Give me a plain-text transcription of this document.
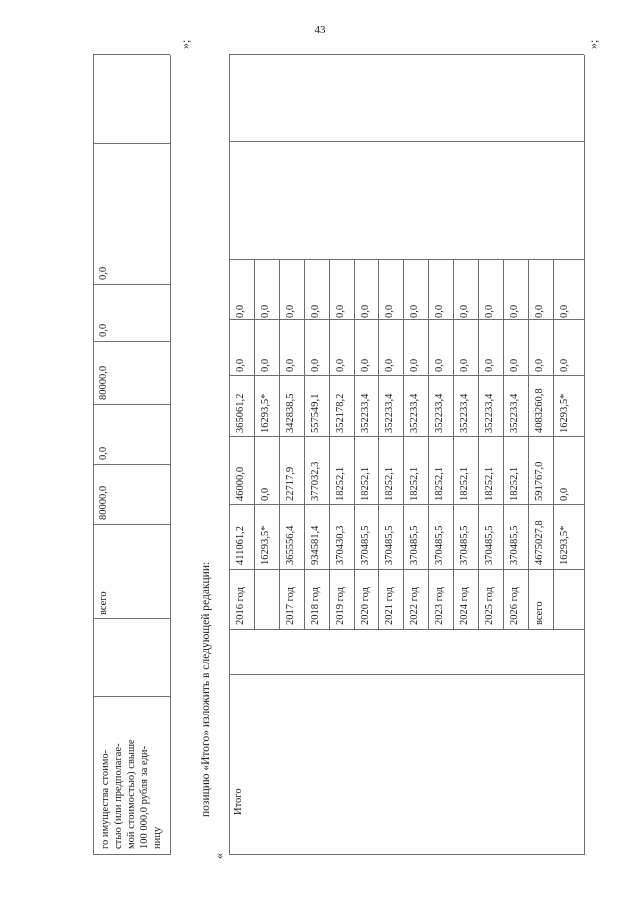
43
го имущества стоимо- стью (или предполагае- мой стоимостью) свыше 100 000,0 рубля за еди- ницу
всего
80000,0
0,0
80000,0
0,0
0,0
»;
«
позицию «Итого» изложить в следующей редакции: Итого
2016 год
411061,2
46000,0
365061,2
0,0
0,0
16293,5*
0,0
16293,5*
0,0
0,0
2017 год
365556,4
22717,9
342838,5
0,0
0,0
2018 год
934581,4
377032,3
557549,1
0,0
0,0
2019 год
370430,3
18252,1
352178,2
0,0
0,0
2020 год
370485,5
18252,1
352233,4
0,0
0,0
2021 год
370485,5
18252,1
352233,4
0,0
0,0
2022 год
370485,5
18252,1
352233,4
0,0
0,0
2023 год
370485,5
18252,1
352233,4
0,0
0,0
2024 год
370485,5
18252,1
352233,4
0,0
0,0
2025 год
370485,5
18252,1
352233,4
0,0
0,0
2026 год
370485,5
18252,1
352233,4
0,0
0,0
всего
4675027,8
591767,0
4083260,8
0,0
0,0
16293,5*
0,0
16293,5*
0,0
0,0
»;
